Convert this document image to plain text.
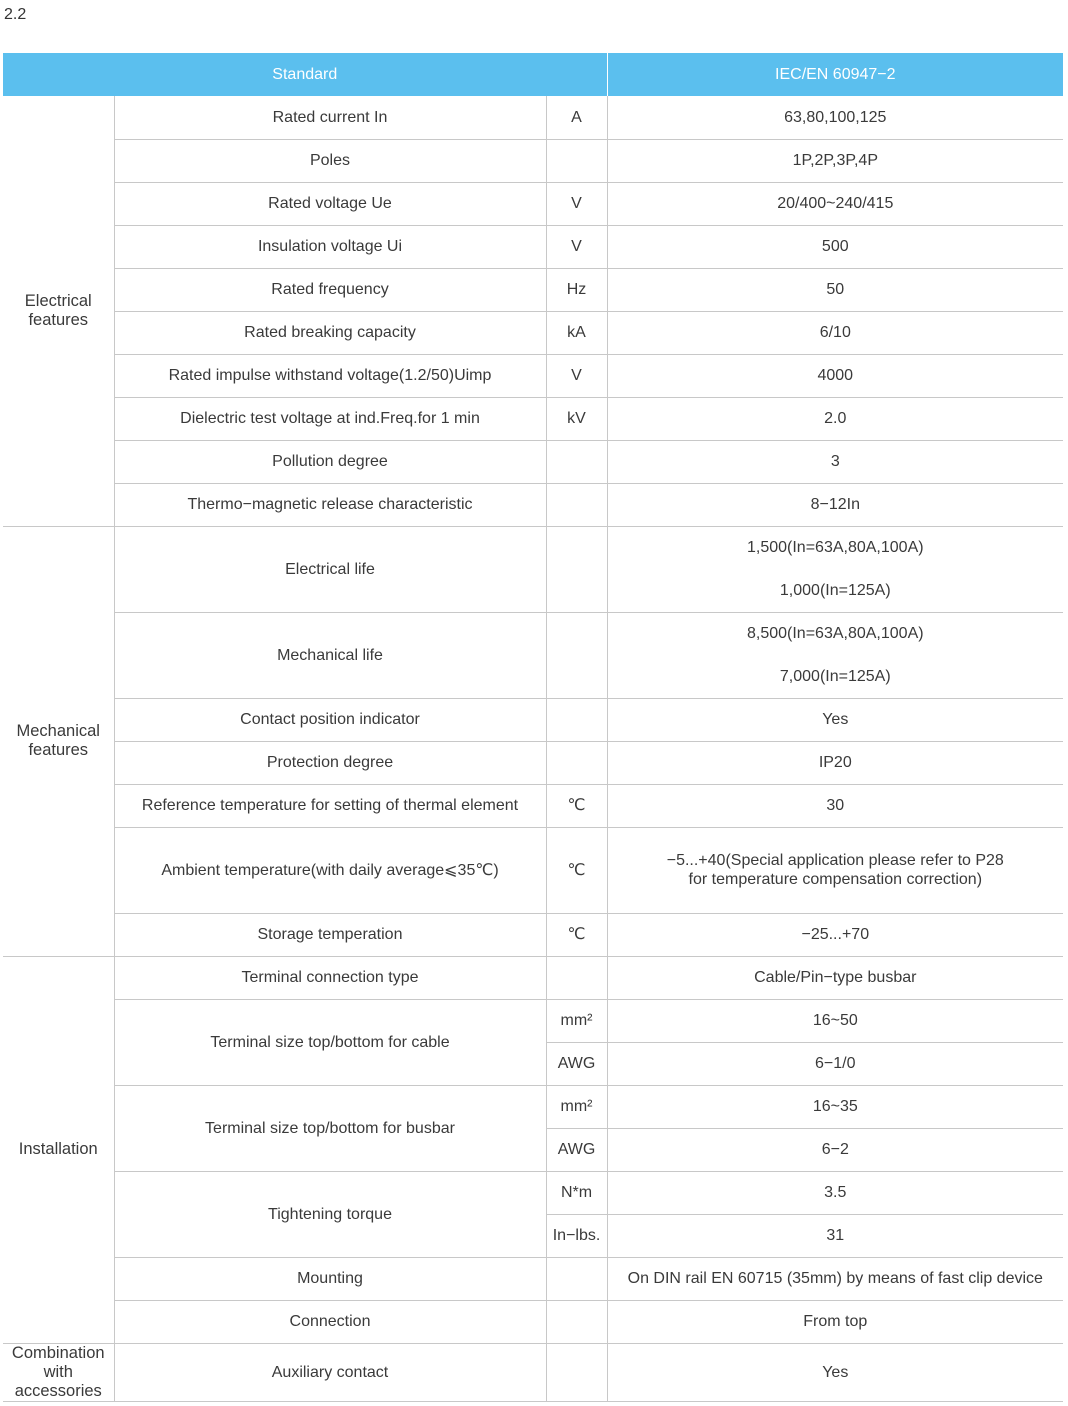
2.2
Standard			IEC/EN 60947−2
Electrical features	Rated current In	A	63,80,100,125
	Poles		1P,2P,3P,4P
	Rated voltage Ue	V	20/400~240/415
	Insulation voltage Ui	V	500
	Rated frequency	Hz	50
	Rated breaking capacity	kA	6/10
	Rated impulse withstand voltage(1.2/50)Uimp	V	4000
	Dielectric test voltage at ind.Freq.for 1 min	kV	2.0
	Pollution degree		3
	Thermo−magnetic release characteristic		8−12In
Mechanical features	Electrical life		1,500(In=63A,80A,100A)
1,000(In=125A)

	Mechanical life		8,500(In=63A,80A,100A)
7,000(In=125A)

	Contact position indicator		Yes
	Protection degree		IP20
	Reference temperature for setting of thermal element	℃	30
	Ambient temperature(with daily average⩽35℃)	℃	−5...+40(Special application please refer to P28
for temperature compensation correction)

	Storage temperation	℃	−25...+70
Installation	Terminal connection type		Cable/Pin−type busbar
	Terminal size top/bottom for cable	mm²	16~50
		AWG	6−1/0
	Terminal size top/bottom for busbar	mm²	16~35
		AWG	6−2
	Tightening torque	N*m	3.5
		In−lbs.	31
	Mounting		On DIN rail EN 60715 (35mm) by means of fast clip device
	Connection		From top
Combination with accessories	Auxiliary contact		Yes
